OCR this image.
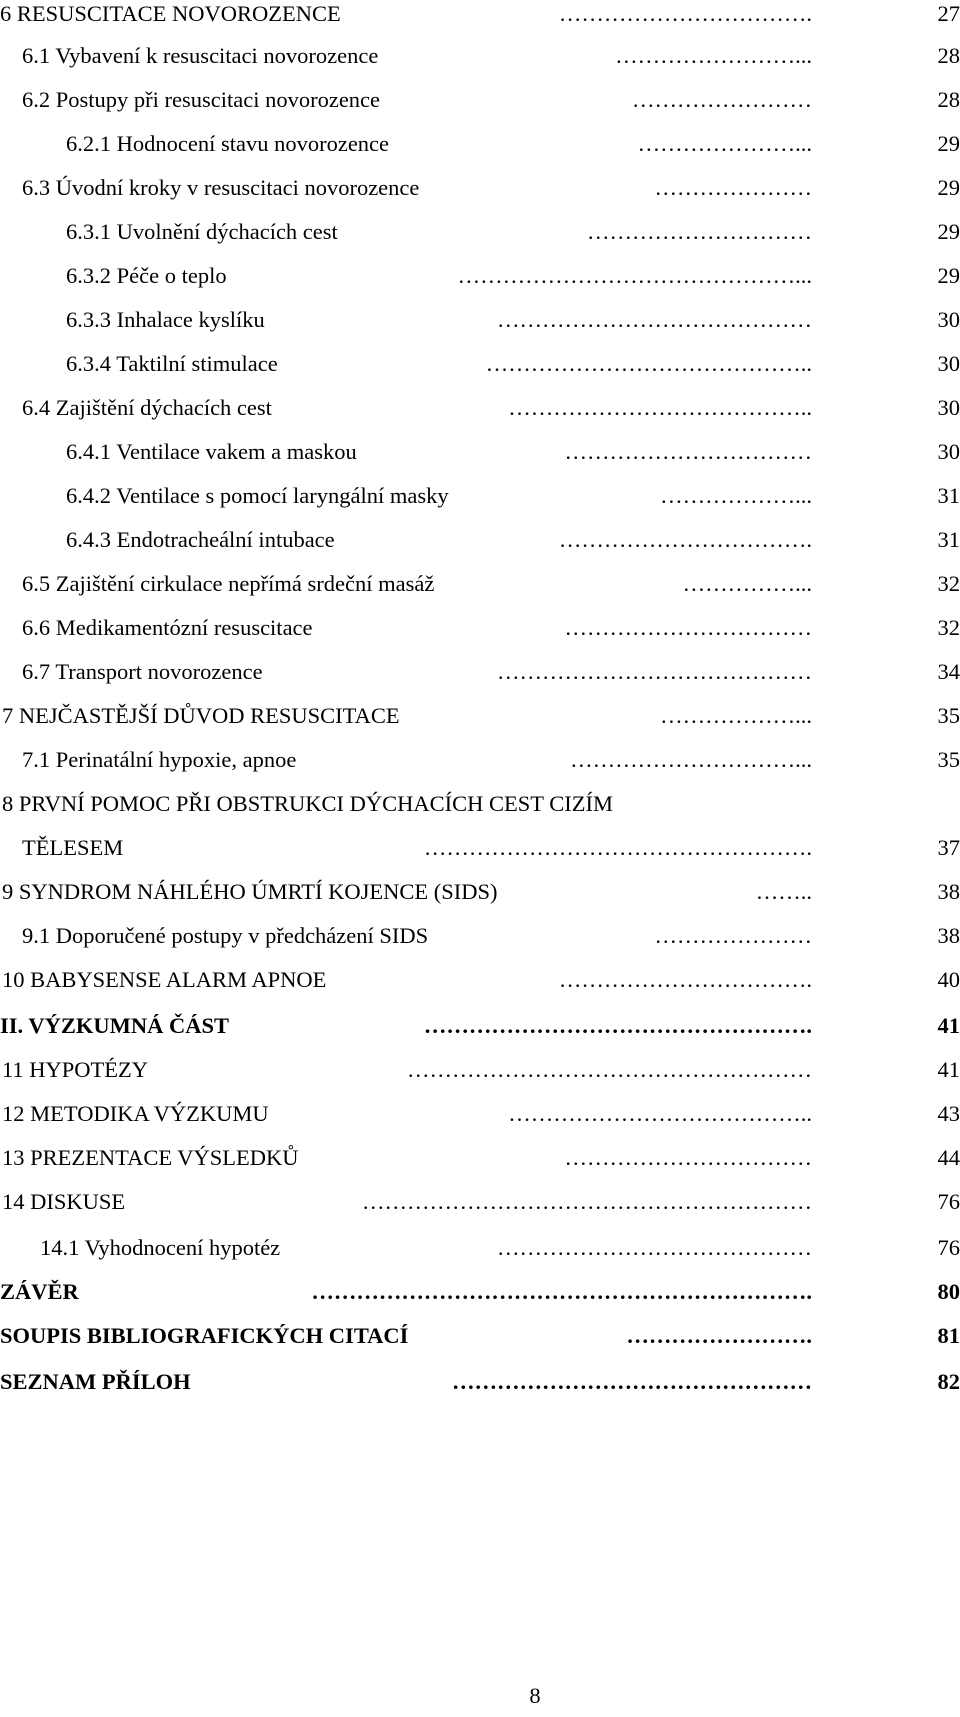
6 RESUSCITACE NOVOROZENCE	…………………………….	27
6.1 Vybavení k resuscitaci novorozence	……………………...	28
6.2 Postupy při resuscitaci novorozence	……………………	28
6.2.1 Hodnocení stavu novorozence	…………………...	29
6.3 Úvodní kroky v resuscitaci novorozence	…………………	29
6.3.1 Uvolnění dýchacích cest	…………………………	29
6.3.2 Péče o teplo	………………………………………...	29
6.3.3 Inhalace kyslíku	……………………………………	30
6.3.4 Taktilní stimulace	……………………………………..	30
6.4 Zajištění dýchacích cest	…………………………………..	30
6.4.1 Ventilace vakem a maskou	……………………………	30
6.4.2 Ventilace s pomocí laryngální masky	………………...	31
6.4.3 Endotracheální intubace	…………………………….	31
6.5 Zajištění cirkulace nepřímá srdeční masáž	……………...	32
6.6 Medikamentózní resuscitace	……………………………	32
6.7 Transport novorozence	……………………………………	34
7 NEJČASTĚJŠÍ DŮVOD RESUSCITACE	………………...	35
7.1 Perinatální hypoxie, apnoe	…………………………...	35
8 PRVNÍ POMOC PŘI OBSTRUKCI DÝCHACÍCH CEST CIZÍM
TĚLESEM	…………………………………………….	37
9 SYNDROM NÁHLÉHO ÚMRTÍ KOJENCE (SIDS)	……..	38
9.1 Doporučené postupy v předcházení SIDS	…………………	38
10 BABYSENSE ALARM APNOE	…………………………….	40
II. VÝZKUMNÁ ČÁST	…………………………………………….	41
11 HYPOTÉZY	………………………………………………	41
12 METODIKA VÝZKUMU	…………………………………..	43
13 PREZENTACE VÝSLEDKŮ	……………………………	44
14 DISKUSE	……………………………………………………	76
14.1 Vyhodnocení hypotéz	……………………………………	76
ZÁVĚR	………………………………………………………….	80
SOUPIS BIBLIOGRAFICKÝCH CITACÍ	…………………….	81
SEZNAM PŘÍLOH	…………………………………………	82
8
